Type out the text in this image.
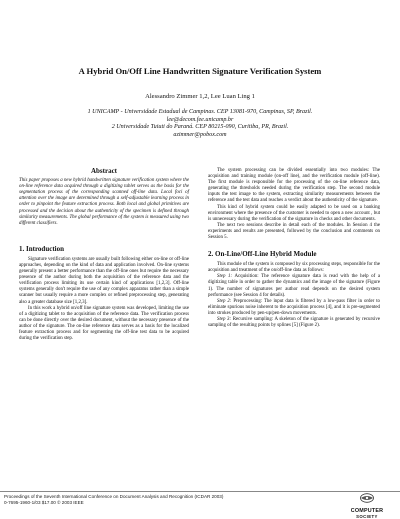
A Hybrid On/Off Line Handwritten Signature Verification System
Alessandro Zimmer 1,2, Lee Luan Ling 1

1 UNICAMP - Universidade Estadual de Campinas. CEP 13081-970, Campinas, SP, Brazil.

lee@decom.fee.unicamp.br

2 Universidade Tuiuti do Paraná. CEP 80215-090, Curitiba, PR, Brazil.

azimmer@pobox.com

Abstract

This paper proposes a new hybrid handwritten signature verification system where the on-line reference data acquired through a digitizing tablet serves as the basis for the segmentation process of the corresponding scanned off-line data. Local foci of attention over the image are determined through a self-adjustable learning process in order to pinpoint the feature extraction process. Both local and global primitives are processed and the decision about the authenticity of the specimen is defined through similarity measurements. The global performance of the system is measured using two different classifiers.

1. Introduction

Signature verification systems are usually built following either on-line or off-line approaches, depending on the kind of data and application involved. On-line systems generally present a better performance than the off-line ones but require the necessary presence of the author during both the acquisition of the reference data and the verification process limiting its use certain kind of applications [1,2,3]. Off-line systems generally don't require the use of any complex apparatus rather than a simple scanner but usually require a more complex or refined preprocessing step, generating also a greater database size [1,2,3].

In this work a hybrid on/off line signature system was developed, limiting the use of a digitizing tablet to the acquisition of the reference data. The verification process can be done directly over the desired document, without the necessary presence of the author of the signature. The on-line reference data serves as a basis for the localized feature extraction process and for segmenting the off-line test data to be acquired during the verification step.

The system processing can be divided essentially into two modules: The acquisition and training module (on-off line), and the verification module (off-line). The first module is responsible for the processing of the on-line reference data, generating the thresholds needed during the verification step. The second module inputs the test image to the system, extracting similarity measurements between the reference and the test data and reaches a verdict about the authenticity of the signature.

This kind of hybrid system could be easily adapted to be used on a banking environment where the presence of the customer is needed to open a new account , but is unnecessary during the verification of the signature in checks and other documents.

The next two sessions describe in detail each of the modules. In Session 4 the experiments and results are presented, followed by the conclusion and comments on Session 5.

2. On-Line/Off-Line Hybrid Module

This module of the system is composed by six processing steps, responsible for the acquisition and treatment of the on/off-line data as follows:

Step 1: Acquisition: The reference signature data is read with the help of a digitizing table in order to gather the dynamics and the image of the signature (Figure 1). The number of signatures per author read depends on the desired system performance (see Session 4 for details).

Step 2: Preprocessing: The input data is filtered by a low-pass filter in order to eliminate spurious noise inherent to the acquisition process [4], and it is pre-segmented into strokes produced by pen-up/pen-down movements.

Step 3: Recursive sampling: A skeleton of the signature is generated by recursive sampling of the resulting points by splines [5] (Figure 2).

Proceedings of the Seventh International Conference on Document Analysis and Recognition (ICDAR 2003)

0-7695-1960-1/03 $17.00 © 2003 IEEE

COMPUTER
SOCIETY
